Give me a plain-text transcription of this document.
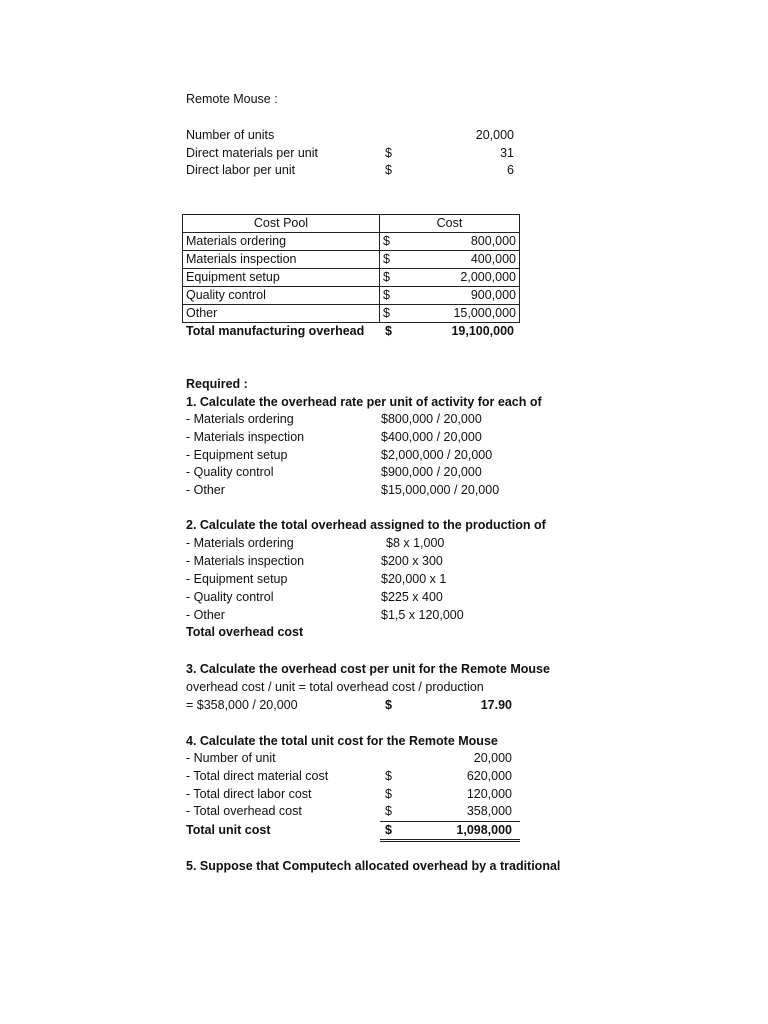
Remote Mouse :
Number of units	20,000
Direct materials per unit	$	31
Direct labor per unit	$	6
Cost Pool	Cost	
Materials ordering	$	800,000
Materials inspection	$	400,000
Equipment setup	$	2,000,000
Quality control	$	900,000
Other	$	15,000,000
Total manufacturing overhead $	19,100,000
Required :
1. Calculate the overhead rate per unit of activity for each of
- Materials ordering	$800,000 / 20,000
- Materials inspection	$400,000 / 20,000
- Equipment setup	$2,000,000 / 20,000
- Quality control	$900,000 / 20,000
- Other	$15,000,000 / 20,000
2. Calculate the total overhead assigned to the production of
- Materials ordering	$8 x 1,000
- Materials inspection	$200 x 300
- Equipment setup	$20,000 x 1
- Quality control	$225 x 400
- Other	$1,5 x 120,000
Total overhead cost
3. Calculate the overhead cost per unit for the Remote Mouse
overhead cost / unit = total overhead cost / production
= $358,000 / 20,000	$	17.90
4. Calculate the total unit cost for the Remote Mouse
- Number of unit	20,000
- Total direct material cost	$	620,000
- Total direct labor cost	$	120,000
- Total overhead cost	$	358,000
Total unit cost	$	1,098,000
5. Suppose that Computech allocated overhead by a traditional
